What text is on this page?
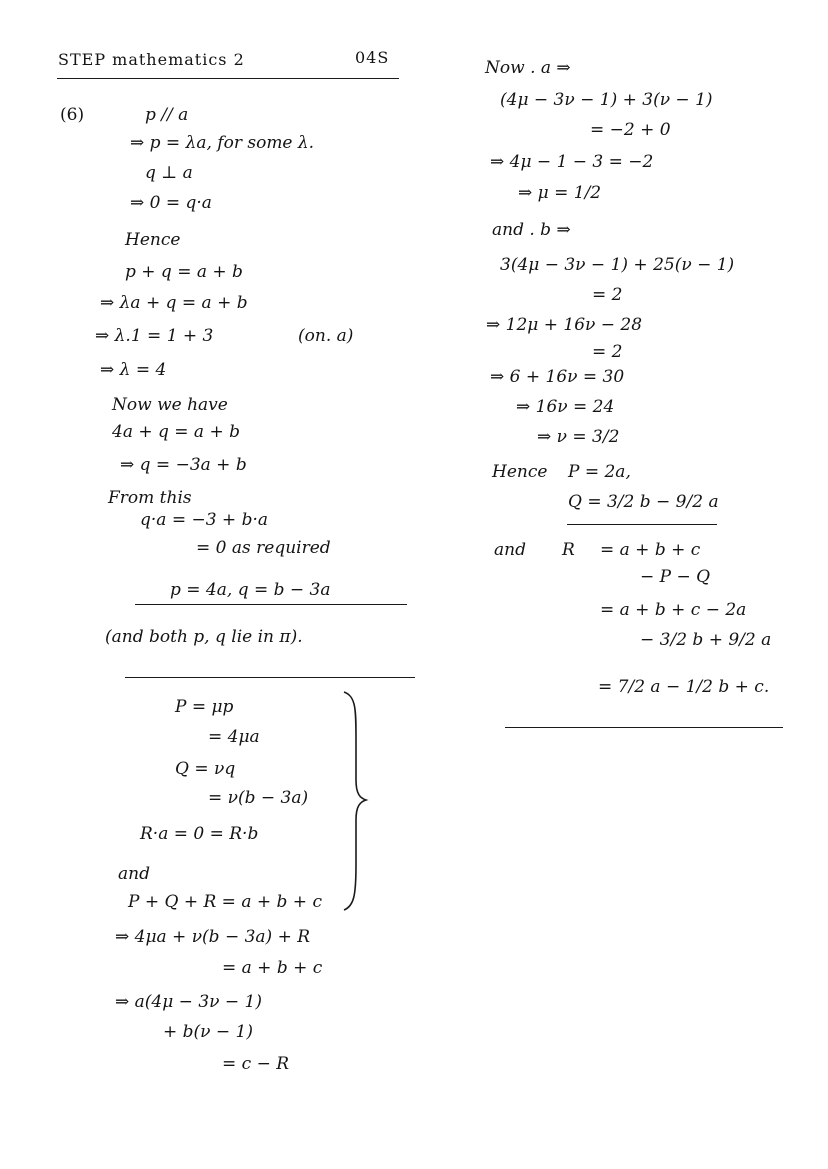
STEP mathematics 2	04S
(6)	p // a
⇒ p = λa, for some λ.
q ⊥ a
⇒ 0 = q·a
Hence
p + q = a + b
⇒ λa + q = a + b
⇒ λ.1 = 1 + 3	(on. a)
⇒ λ = 4
Now we have
4a + q = a + b
⇒ q = −3a + b
From this
q·a = −3 + b·a
= 0 as required
p = 4a, q = b − 3a
(and both p, q lie in π).
P = μp
= 4μa
Q = νq
= ν(b − 3a)
R·a = 0 = R·b
and
P + Q + R = a + b + c
⇒ 4μa + ν(b − 3a) + R
= a + b + c
⇒ a(4μ − 3ν − 1)
+ b(ν − 1)
= c − R
Now . a ⇒
(4μ − 3ν − 1) + 3(ν − 1)
= −2 + 0
⇒ 4μ − 1 − 3 = −2
⇒ μ = 1/2
and . b ⇒
3(4μ − 3ν − 1) + 25(ν − 1)
= 2
⇒ 12μ + 16ν − 28
= 2
⇒ 6 + 16ν = 30
⇒ 16ν = 24
⇒ ν = 3/2
Hence P = 2a,
Q = 3/2 b − 9/2 a
and R = a + b + c
− P − Q
= a + b + c − 2a
− 3/2 b + 9/2 a
= 7/2 a − 1/2 b + c.
